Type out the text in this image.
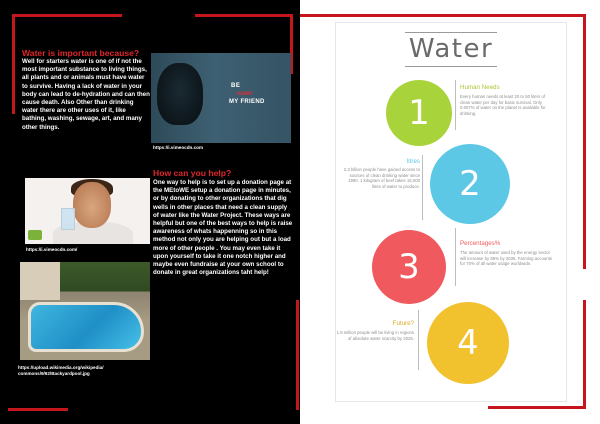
Water is important because?
Well for starters water is one of if not the most important substance to living things, all plants and or animals must have water to survive. Having a lack of water in your body can lead to de-hydration and can then cause death. Also Other than drinking water there are other uses of it, like bathing, washing, sewage, art, and many other things.
BE
water
MY FRIEND
https://i.vimeocdn.com
How can you help?
One way to help is to set up a donation page at the MEtoWE setup a donation page in minutes, or by donating to other organizations that dig wells in other places that need a clean supply of water like the Water Project. These ways are helpful but one of the best ways to help is raise awareness of whats happenning so in this method not only you are helping out but a load more of other people . You may even take it upon yourself to take it one notch higher and maybe even fundraise at your own school to donate in great organizations taht help!
https://i.vimeocdn.com/
https://upload.wikimedia.org/wikipedia/ commons/9/92/Backyardpool.jpg
Water
1
Human Needs
Every human needs at least 20 to 50 liters of clean water per day for basic survival. Only 0.007% of water on the planet is available for drinking.
2
litres
2.3 billion people have gained access to sources of clean drinking water since 1990. 1 kilogram of beef takes 15,000 litres of water to produce.
3
Percentages%
The amount of water used by the energy sector will increase by 85% by 2035. Farming accounts for 70% of all water usage worldwide.
4
Future?
1.8 million people will be living in regions of absolute water scarcity by 2025.
